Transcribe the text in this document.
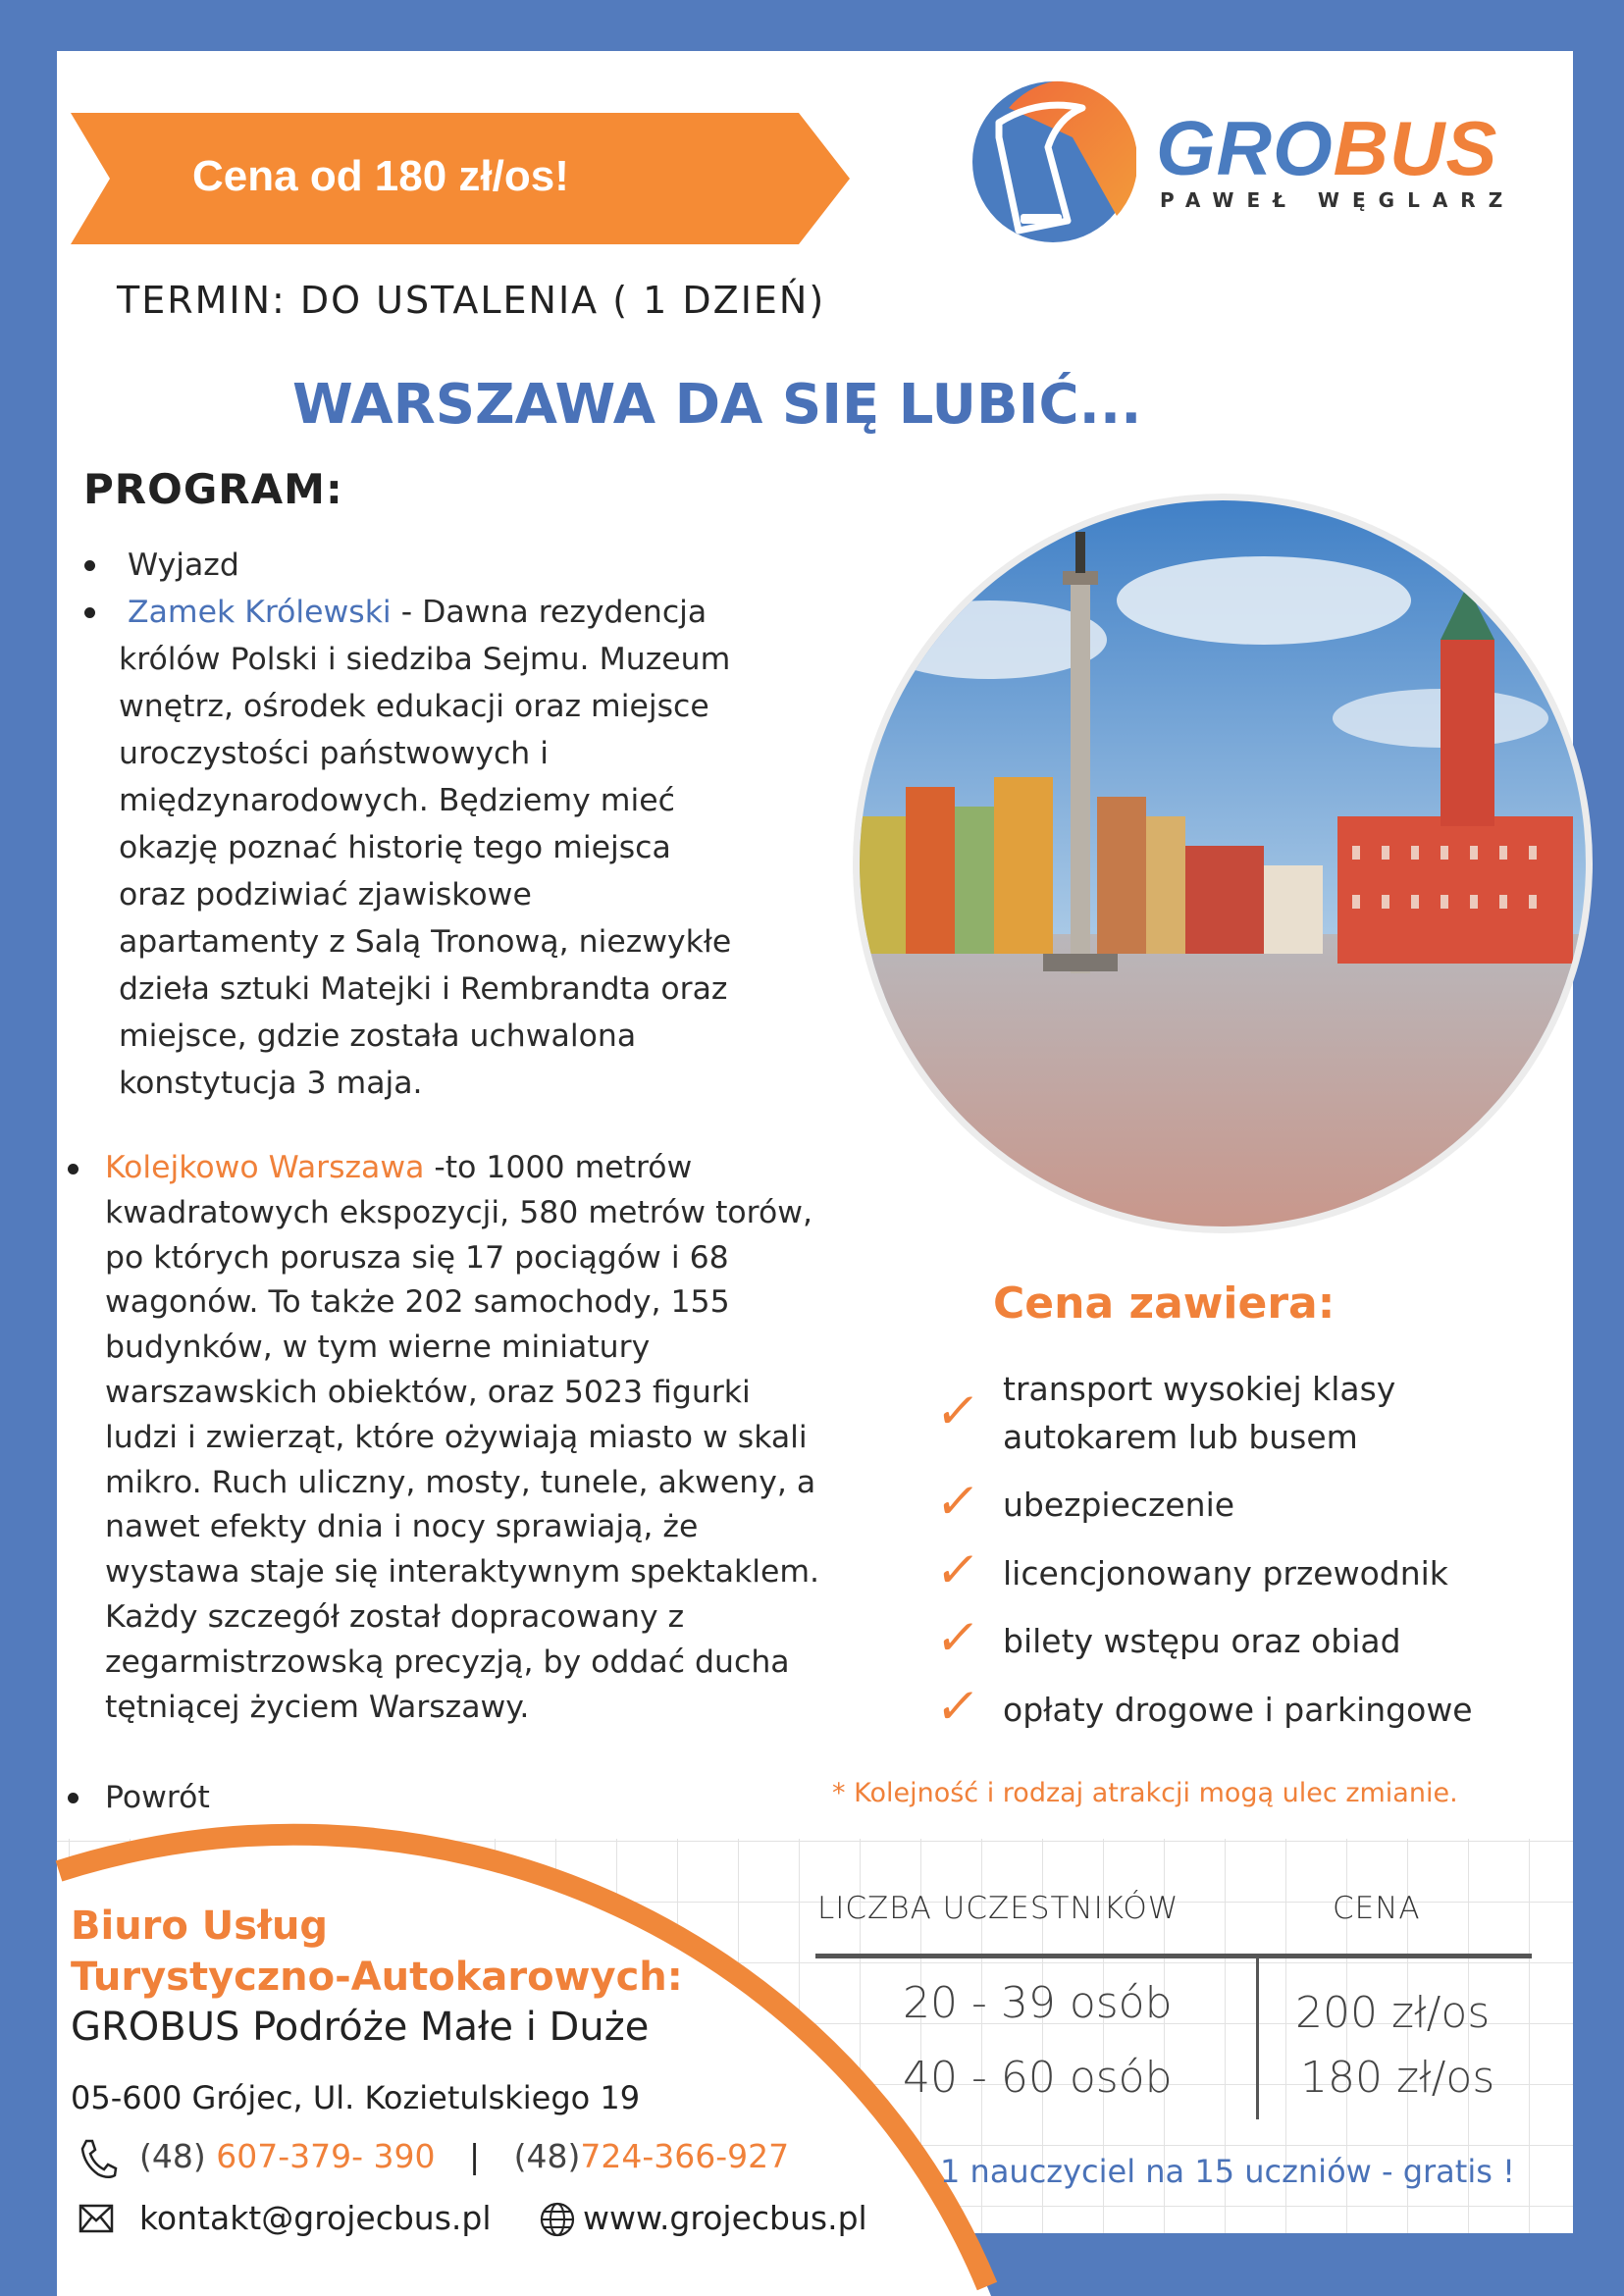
Cena od 180 zł/os!	GROBUS
PAWEŁ WĘGLARZ
TERMIN: DO USTALENIA ( 1 DZIEŃ)
WARSZAWA DA SIĘ LUBIĆ...
PROGRAM:
Wyjazd
Zamek Królewski - Dawna rezydencja
królów Polski i siedziba Sejmu. Muzeum
wnętrz, ośrodek edukacji oraz miejsce
uroczystości państwowych i
międzynarodowych. Będziemy mieć
okazję poznać historię tego miejsca
oraz podziwiać zjawiskowe
apartamenty z Salą Tronową, niezwykłe
dzieła sztuki Matejki i Rembrandta oraz
miejsce, gdzie została uchwalona
konstytucja 3 maja.
Kolejkowo Warszawa -to 1000 metrów
kwadratowych ekspozycji, 580 metrów torów,
po których porusza się 17 pociągów i 68
wagonów. To także 202 samochody, 155
budynków, w tym wierne miniatury
warszawskich obiektów, oraz 5023 figurki
ludzi i zwierząt, które ożywiają miasto w skali
mikro. Ruch uliczny, mosty, tunele, akweny, a
nawet efekty dnia i nocy sprawiają, że
wystawa staje się interaktywnym spektaklem.
Każdy szczegół został dopracowany z
zegarmistrzowską precyzją, by oddać ducha
tętniącej życiem Warszawy.
Powrót
Cena zawiera:
✓ transport wysokiej klasy
autokarem lub busem
✓ ubezpieczenie
✓ licencjonowany przewodnik
✓ bilety wstępu oraz obiad
✓ opłaty drogowe i parkingowe
* Kolejność i rodzaj atrakcji mogą ulec zmianie.
LICZBA UCZESTNIKÓW	CENA
20 - 39 osób	200 zł/os
40 - 60 osób	180 zł/os
1 nauczyciel na 15 uczniów - gratis !
Biuro Usług
Turystyczno-Autokarowych:
GROBUS Podróże Małe i Duże
05-600 Grójec, Ul. Kozietulskiego 19
(48) 607-379- 390 | (48)724-366-927
kontakt@grojecbus.pl	www.grojecbus.pl
